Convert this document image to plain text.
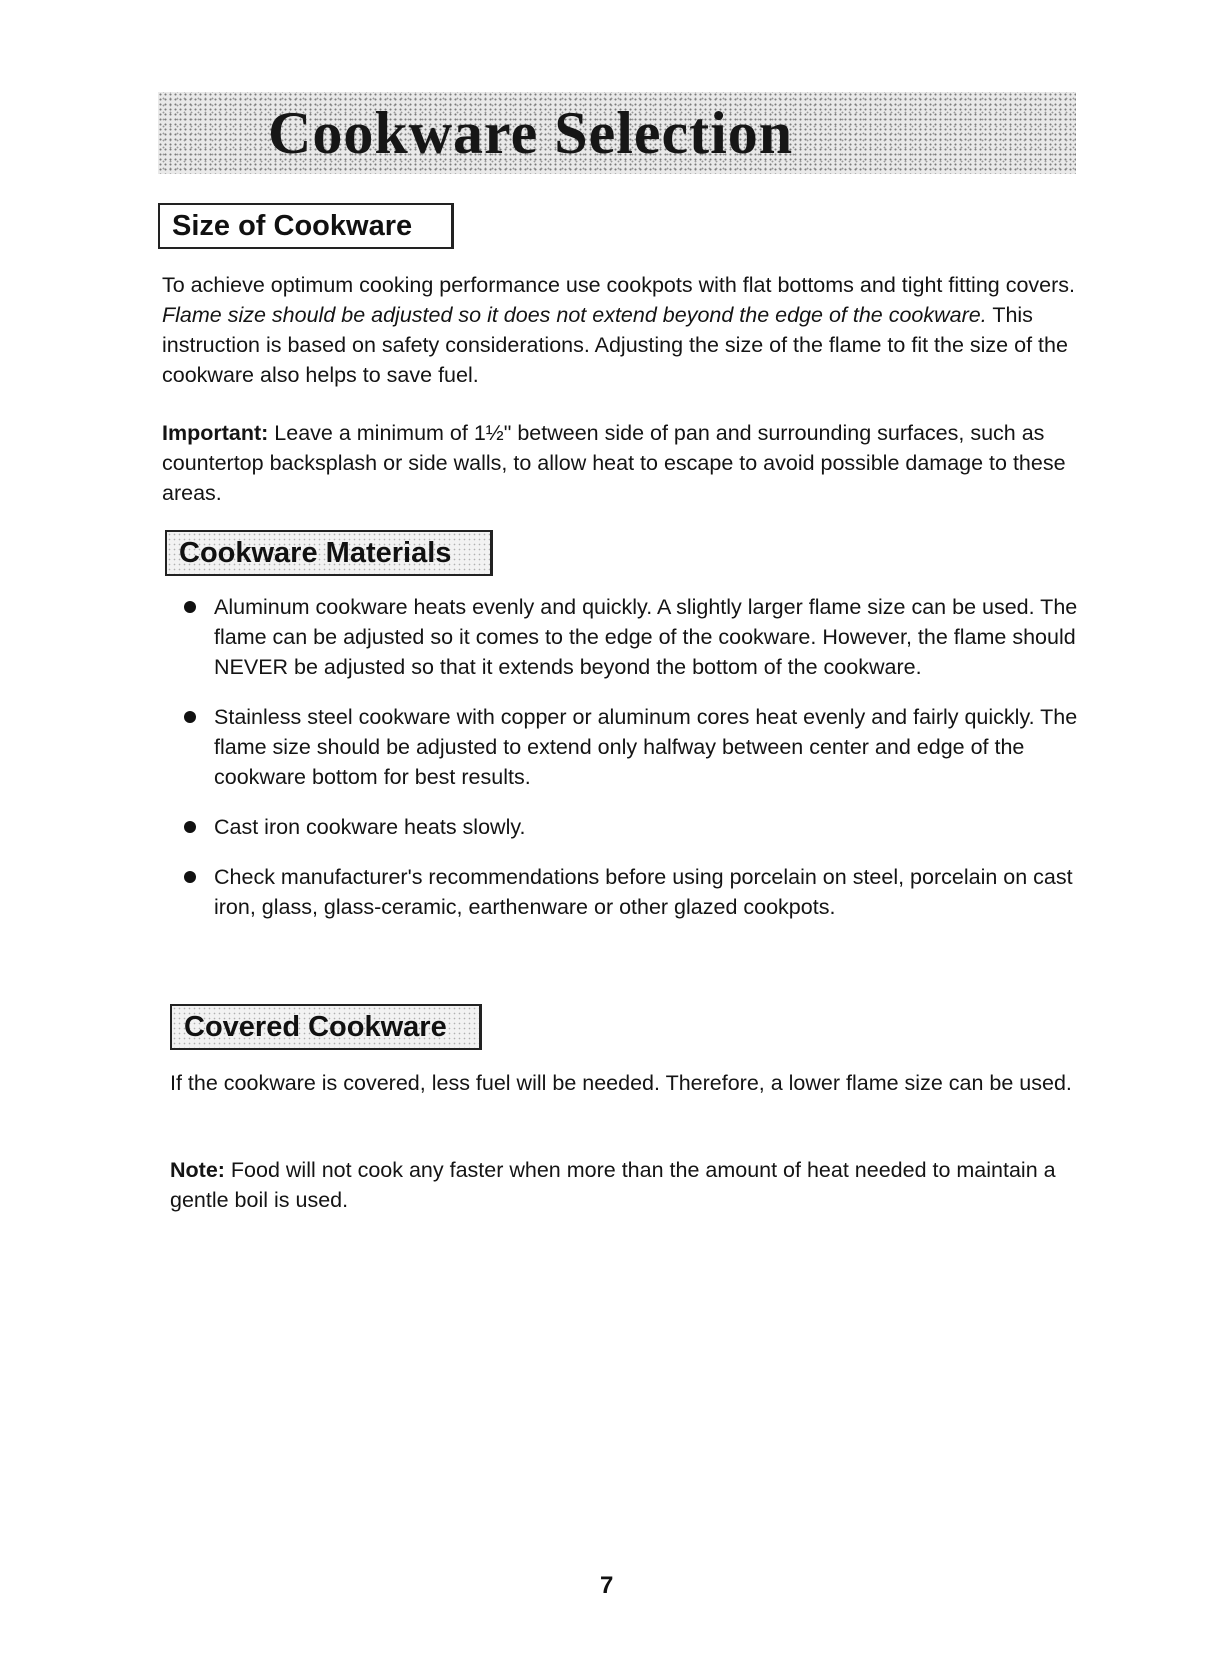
Cookware Selection
Size of Cookware
To achieve optimum cooking performance use cookpots with flat bottoms and tight fitting covers. Flame size should be adjusted so it does not extend beyond the edge of the cookware. This instruction is based on safety considerations. Adjusting the size of the flame to fit the size of the cookware also helps to save fuel.
Important: Leave a minimum of 1½" between side of pan and surrounding surfaces, such as countertop backsplash or side walls, to allow heat to escape to avoid possible damage to these areas.
Cookware Materials
Aluminum cookware heats evenly and quickly. A slightly larger flame size can be used. The flame can be adjusted so it comes to the edge of the cookware. However, the flame should NEVER be adjusted so that it extends beyond the bottom of the cookware.
Stainless steel cookware with copper or aluminum cores heat evenly and fairly quickly. The flame size should be adjusted to extend only halfway between center and edge of the cookware bottom for best results.
Cast iron cookware heats slowly.
Check manufacturer's recommendations before using porcelain on steel, porcelain on cast iron, glass, glass-ceramic, earthenware or other glazed cookpots.
Covered Cookware
If the cookware is covered, less fuel will be needed. Therefore, a lower flame size can be used.
Note: Food will not cook any faster when more than the amount of heat needed to maintain a gentle boil is used.
7
